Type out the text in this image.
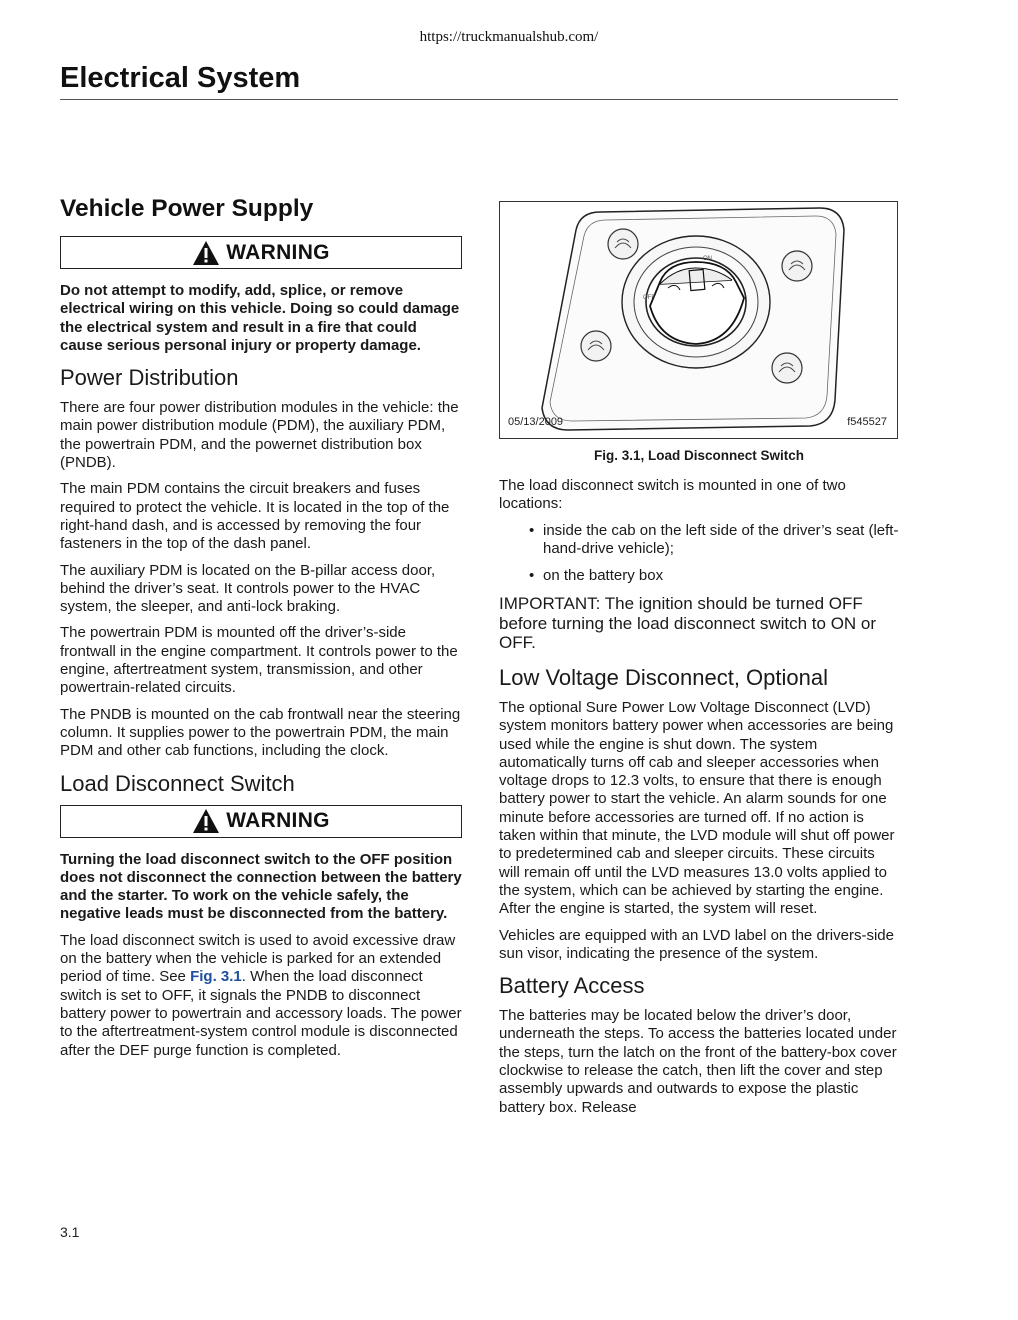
https://truckmanualshub.com/
Electrical System
Vehicle Power Supply
WARNING

Do not attempt to modify, add, splice, or remove electrical wiring on this vehicle. Doing so could damage the electrical system and result in a fire that could cause serious personal injury or property damage.

Power Distribution

There are four power distribution modules in the vehicle: the main power distribution module (PDM), the auxiliary PDM, the powertrain PDM, and the powernet distribution box (PNDB).

The main PDM contains the circuit breakers and fuses required to protect the vehicle. It is located in the top of the right-hand dash, and is accessed by removing the four fasteners in the top of the dash panel.

The auxiliary PDM is located on the B-pillar access door, behind the driver’s seat. It controls power to the HVAC system, the sleeper, and anti-lock braking.

The powertrain PDM is mounted off the driver’s-side frontwall in the engine compartment. It controls power to the engine, aftertreatment system, transmission, and other powertrain-related circuits.

The PNDB is mounted on the cab frontwall near the steering column. It supplies power to the powertrain PDM, the main PDM and other cab functions, including the clock.

Load Disconnect Switch
WARNING

Turning the load disconnect switch to the OFF position does not disconnect the connection between the battery and the starter. To work on the vehicle safely, the negative leads must be disconnected from the battery.

The load disconnect switch is used to avoid excessive draw on the battery when the vehicle is parked for an extended period of time. See Fig. 3.1. When the load disconnect switch is set to OFF, it signals the PNDB to disconnect battery power to powertrain and accessory loads. The power to the aftertreatment-system control module is disconnected after the DEF purge function is completed.

ON
OFF
05/13/2009	f545527
Fig. 3.1, Load Disconnect Switch

The load disconnect switch is mounted in one of two locations:

• inside the cab on the left side of the driver’s seat (left-hand-drive vehicle);
• on the battery box

IMPORTANT: The ignition should be turned OFF before turning the load disconnect switch to ON or OFF.

Low Voltage Disconnect, Optional

The optional Sure Power Low Voltage Disconnect (LVD) system monitors battery power when accessories are being used while the engine is shut down. The system automatically turns off cab and sleeper accessories when voltage drops to 12.3 volts, to ensure that there is enough battery power to start the vehicle. An alarm sounds for one minute before accessories are turned off. If no action is taken within that minute, the LVD module will shut off power to predetermined cab and sleeper circuits. These circuits will remain off until the LVD measures 13.0 volts applied to the system, which can be achieved by starting the engine. After the engine is started, the system will reset.

Vehicles are equipped with an LVD label on the drivers-side sun visor, indicating the presence of the system.

Battery Access

The batteries may be located below the driver’s door, underneath the steps. To access the batteries located under the steps, turn the latch on the front of the battery-box cover clockwise to release the catch, then lift the cover and step assembly upwards and outwards to expose the plastic battery box. Release

3.1
